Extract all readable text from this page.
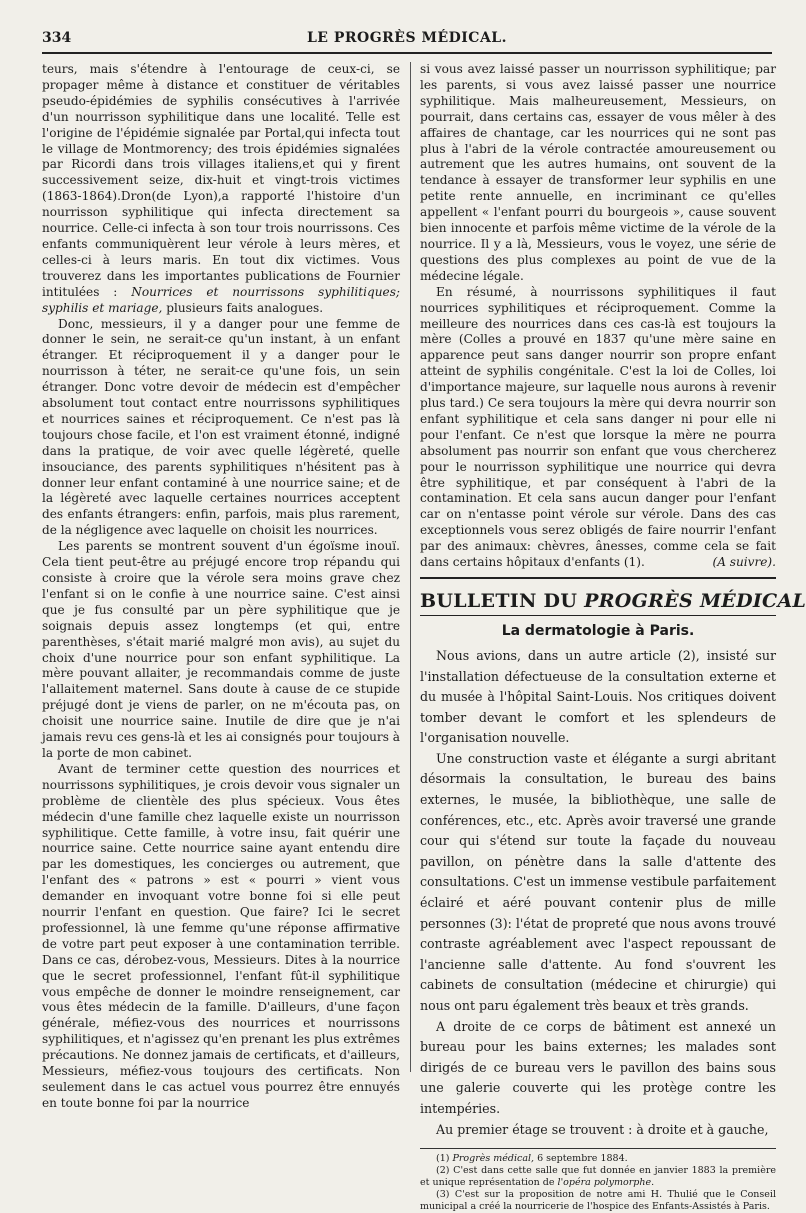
334	LE PROGRÈS MÉDICAL.

teurs, mais s'étendre à l'entourage de ceux-ci, se propager même à distance et constituer de véritables pseudo-épidémies de syphilis consécutives à l'arrivée d'un nourrisson syphilitique dans une localité. Telle est l'origine de l'épidémie signalée par Portal,qui infecta tout le village de Montmorency; des trois épidémies signalées par Ricordi dans trois villages italiens,et qui y firent successivement seize, dix-huit et vingt-trois victimes (1863-1864).Dron(de Lyon),a rapporté l'histoire d'un nourrisson syphilitique qui infecta directement sa nourrice. Celle-ci infecta à son tour trois nourrissons. Ces enfants communiquèrent leur vérole à leurs mères, et celles-ci à leurs maris. En tout dix victimes. Vous trouverez dans les importantes publications de Fournier intitulées : Nourrices et nourrissons syphilitiques; syphilis et mariage, plusieurs faits analogues.

Donc, messieurs, il y a danger pour une femme de donner le sein, ne serait-ce qu'un instant, à un enfant étranger. Et réciproquement il y a danger pour le nourrisson à téter, ne serait-ce qu'une fois, un sein étranger. Donc votre devoir de médecin est d'empêcher absolument tout contact entre nourrissons syphilitiques et nourrices saines et réciproquement. Ce n'est pas là toujours chose facile, et l'on est vraiment étonné, indigné dans la pratique, de voir avec quelle légèreté, quelle insouciance, des parents syphilitiques n'hésitent pas à donner leur enfant contaminé à une nourrice saine; et de la légèreté avec laquelle certaines nourrices acceptent des enfants étrangers: enfin, parfois, mais plus rarement, de la négligence avec laquelle on choisit les nourrices.

Les parents se montrent souvent d'un égoïsme inouï. Cela tient peut-être au préjugé encore trop répandu qui consiste à croire que la vérole sera moins grave chez l'enfant si on le confie à une nourrice saine. C'est ainsi que je fus consulté par un père syphilitique que je soignais depuis assez longtemps (et qui, entre parenthèses, s'était marié malgré mon avis), au sujet du choix d'une nourrice pour son enfant syphilitique. La mère pouvant allaiter, je recommandais comme de juste l'allaitement maternel. Sans doute à cause de ce stupide préjugé dont je viens de parler, on ne m'écouta pas, on choisit une nourrice saine. Inutile de dire que je n'ai jamais revu ces gens-là et les ai consignés pour toujours à la porte de mon cabinet.

Avant de terminer cette question des nourrices et nourrissons syphilitiques, je crois devoir vous signaler un problème de clientèle des plus spécieux. Vous êtes médecin d'une famille chez laquelle existe un nourrisson syphilitique. Cette famille, à votre insu, fait quérir une nourrice saine. Cette nourrice saine ayant entendu dire par les domestiques, les concierges ou autrement, que l'enfant des « patrons » est « pourri » vient vous demander en invoquant votre bonne foi si elle peut nourrir l'enfant en question. Que faire? Ici le secret professionnel, là une femme qu'une réponse affirmative de votre part peut exposer à une contamination terrible. Dans ce cas, dérobez-vous, Messieurs. Dites à la nourrice que le secret professionnel, l'enfant fût-il syphilitique vous empêche de donner le moindre renseignement, car vous êtes médecin de la famille. D'ailleurs, d'une façon générale, méfiez-vous des nourrices et nourrissons syphilitiques, et n'agissez qu'en prenant les plus extrêmes précautions. Ne donnez jamais de certificats, et d'ailleurs, Messieurs, méfiez-vous toujours des certificats. Non seulement dans le cas actuel vous pourrez être ennuyés en toute bonne foi par la nourrice

si vous avez laissé passer un nourrisson syphilitique; par les parents, si vous avez laissé passer une nourrice syphilitique. Mais malheureusement, Messieurs, on pourrait, dans certains cas, essayer de vous mêler à des affaires de chantage, car les nourrices qui ne sont pas plus à l'abri de la vérole contractée amoureusement ou autrement que les autres humains, ont souvent de la tendance à essayer de transformer leur syphilis en une petite rente annuelle, en incriminant ce qu'elles appellent « l'enfant pourri du bourgeois », cause souvent bien innocente et parfois même victime de la vérole de la nourrice. Il y a là, Messieurs, vous le voyez, une série de questions des plus complexes au point de vue de la médecine légale.

En résumé, à nourrissons syphilitiques il faut nourrices syphilitiques et réciproquement. Comme la meilleure des nourrices dans ces cas-là est toujours la mère (Colles a prouvé en 1837 qu'une mère saine en apparence peut sans danger nourrir son propre enfant atteint de syphilis congénitale. C'est la loi de Colles, loi d'importance majeure, sur laquelle nous aurons à revenir plus tard.) Ce sera toujours la mère qui devra nourrir son enfant syphilitique et cela sans danger ni pour elle ni pour l'enfant. Ce n'est que lorsque la mère ne pourra absolument pas nourrir son enfant que vous chercherez pour le nourrisson syphilitique une nourrice qui devra être syphilitique, et par conséquent à l'abri de la contamination. Et cela sans aucun danger pour l'enfant car on n'entasse point vérole sur vérole. Dans des cas exceptionnels vous serez obligés de faire nourrir l'enfant par des animaux: chèvres, ânesses, comme cela se fait dans certains hôpitaux d'enfants (1).	(A suivre).

BULLETIN DU PROGRÈS MÉDICAL
La dermatologie à Paris.

Nous avions, dans un autre article (2), insisté sur l'installation défectueuse de la consultation externe et du musée à l'hôpital Saint-Louis. Nos critiques doivent tomber devant le comfort et les splendeurs de l'organisation nouvelle.

Une construction vaste et élégante a surgi abritant désormais la consultation, le bureau des bains externes, le musée, la bibliothèque, une salle de conférences, etc., etc. Après avoir traversé une grande cour qui s'étend sur toute la façade du nouveau pavillon, on pénètre dans la salle d'attente des consultations. C'est un immense vestibule parfaitement éclairé et aéré pouvant contenir plus de mille personnes (3): l'état de propreté que nous avons trouvé contraste agréablement avec l'aspect repoussant de l'ancienne salle d'attente. Au fond s'ouvrent les cabinets de consultation (médecine et chirurgie) qui nous ont paru également très beaux et très grands.

A droite de ce corps de bâtiment est annexé un bureau pour les bains externes; les malades sont dirigés de ce bureau vers le pavillon des bains sous une galerie couverte qui les protège contre les intempéries.

Au premier étage se trouvent : à droite et à gauche,

(1) Progrès médical, 6 septembre 1884.

(2) C'est dans cette salle que fut donnée en janvier 1883 la première et unique représentation de l'opéra polymorphe.

(3) C'est sur la proposition de notre ami H. Thulié que le Conseil municipal a créé la nourricerie de l'hospice des Enfants-Assistés à Paris.
